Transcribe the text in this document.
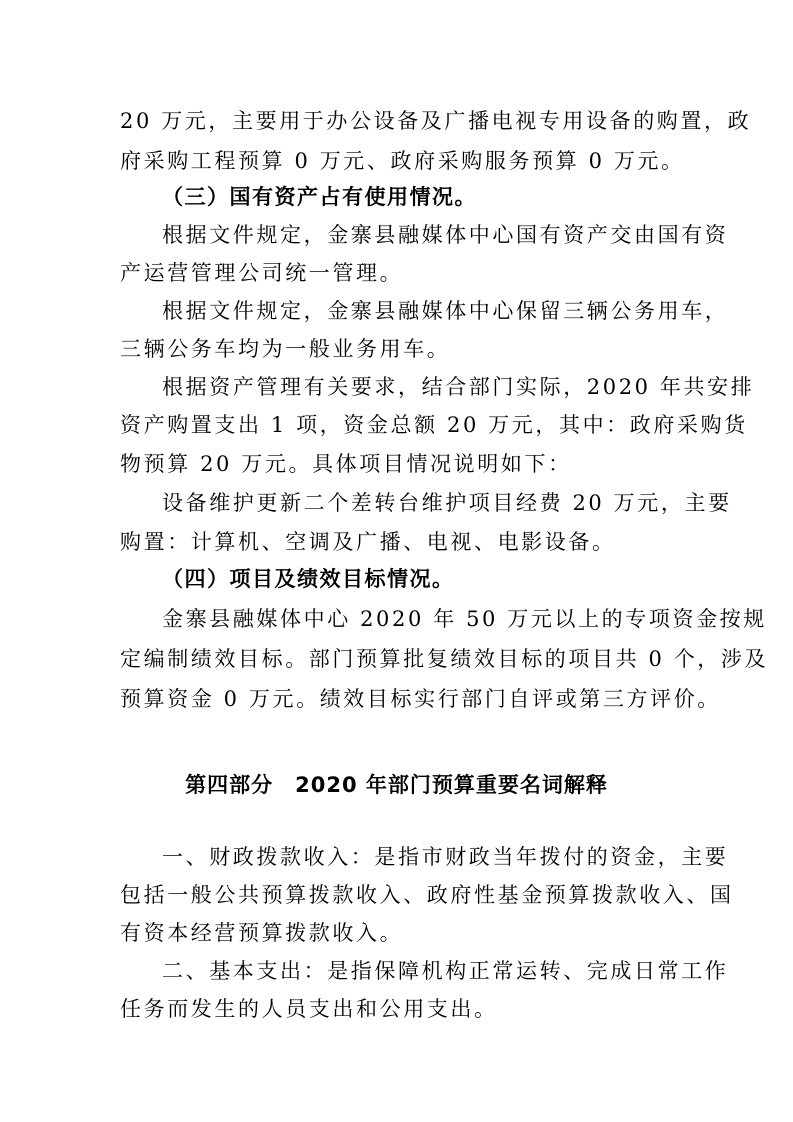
20 万元，主要用于办公设备及广播电视专用设备的购置，政

府采购工程预算 0 万元、政府采购服务预算 0 万元。

（三）国有资产占有使用情况。

根据文件规定，金寨县融媒体中心国有资产交由国有资

产运营管理公司统一管理。

根据文件规定，金寨县融媒体中心保留三辆公务用车，

三辆公务车均为一般业务用车。

根据资产管理有关要求，结合部门实际，2020 年共安排

资产购置支出 1 项，资金总额 20 万元，其中：政府采购货

物预算 20 万元。具体项目情况说明如下：

设备维护更新二个差转台维护项目经费 20 万元，主要

购置：计算机、空调及广播、电视、电影设备。

（四）项目及绩效目标情况。

金寨县融媒体中心 2020 年 50 万元以上的专项资金按规

定编制绩效目标。部门预算批复绩效目标的项目共 0 个，涉及

预算资金 0 万元。绩效目标实行部门自评或第三方评价。

第四部分　2020 年部门预算重要名词解释

一、财政拨款收入：是指市财政当年拨付的资金，主要

包括一般公共预算拨款收入、政府性基金预算拨款收入、国

有资本经营预算拨款收入。

二、基本支出：是指保障机构正常运转、完成日常工作

任务而发生的人员支出和公用支出。
